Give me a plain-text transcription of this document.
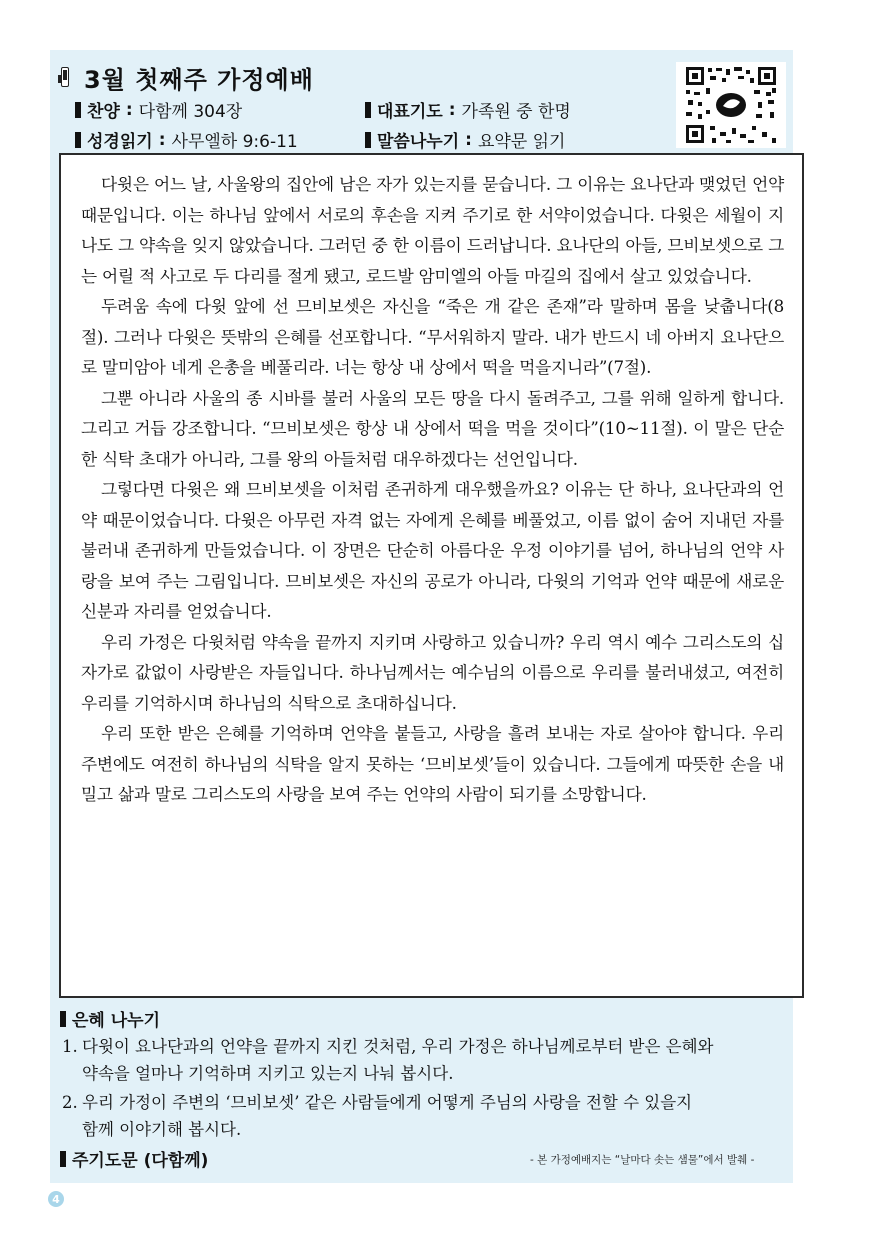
3월 첫째주 가정예배
찬양 : 다함께 304장	대표기도 : 가족원 중 한명
성경읽기 : 사무엘하 9:6-11	말씀나누기 : 요약문 읽기

다윗은 어느 날, 사울왕의 집안에 남은 자가 있는지를 묻습니다. 그 이유는 요나단과 맺었던 언약 때문입니다. 이는 하나님 앞에서 서로의 후손을 지켜 주기로 한 서약이었습니다. 다윗은 세월이 지나도 그 약속을 잊지 않았습니다. 그러던 중 한 이름이 드러납니다. 요나단의 아들, 므비보셋으로 그는 어릴 적 사고로 두 다리를 절게 됐고, 로드발 암미엘의 아들 마길의 집에서 살고 있었습니다.

두려움 속에 다윗 앞에 선 므비보셋은 자신을 “죽은 개 같은 존재”라 말하며 몸을 낮춥니다(8절). 그러나 다윗은 뜻밖의 은혜를 선포합니다. “무서워하지 말라. 내가 반드시 네 아버지 요나단으로 말미암아 네게 은총을 베풀리라. 너는 항상 내 상에서 떡을 먹을지니라”(7절).

그뿐 아니라 사울의 종 시바를 불러 사울의 모든 땅을 다시 돌려주고, 그를 위해 일하게 합니다. 그리고 거듭 강조합니다. “므비보셋은 항상 내 상에서 떡을 먹을 것이다”(10~11절). 이 말은 단순한 식탁 초대가 아니라, 그를 왕의 아들처럼 대우하겠다는 선언입니다.

그렇다면 다윗은 왜 므비보셋을 이처럼 존귀하게 대우했을까요? 이유는 단 하나, 요나단과의 언약 때문이었습니다. 다윗은 아무런 자격 없는 자에게 은혜를 베풀었고, 이름 없이 숨어 지내던 자를 불러내 존귀하게 만들었습니다. 이 장면은 단순히 아름다운 우정 이야기를 넘어, 하나님의 언약 사랑을 보여 주는 그림입니다. 므비보셋은 자신의 공로가 아니라, 다윗의 기억과 언약 때문에 새로운 신분과 자리를 얻었습니다.

우리 가정은 다윗처럼 약속을 끝까지 지키며 사랑하고 있습니까? 우리 역시 예수 그리스도의 십자가로 값없이 사랑받은 자들입니다. 하나님께서는 예수님의 이름으로 우리를 불러내셨고, 여전히 우리를 기억하시며 하나님의 식탁으로 초대하십니다.

우리 또한 받은 은혜를 기억하며 언약을 붙들고, 사랑을 흘려 보내는 자로 살아야 합니다. 우리 주변에도 여전히 하나님의 식탁을 알지 못하는 ‘므비보셋’들이 있습니다. 그들에게 따뜻한 손을 내밀고 삶과 말로 그리스도의 사랑을 보여 주는 언약의 사람이 되기를 소망합니다.

은혜 나누기
1. 다윗이 요나단과의 언약을 끝까지 지킨 것처럼, 우리 가정은 하나님께로부터 받은 은혜와
약속을 얼마나 기억하며 지키고 있는지 나눠 봅시다.
2. 우리 가정이 주변의 ‘므비보셋’ 같은 사람들에게 어떻게 주님의 사랑을 전할 수 있을지
함께 이야기해 봅시다.
주기도문 (다함께)	- 본 가정예배지는 “날마다 솟는 샘물”에서 발췌 -
4
